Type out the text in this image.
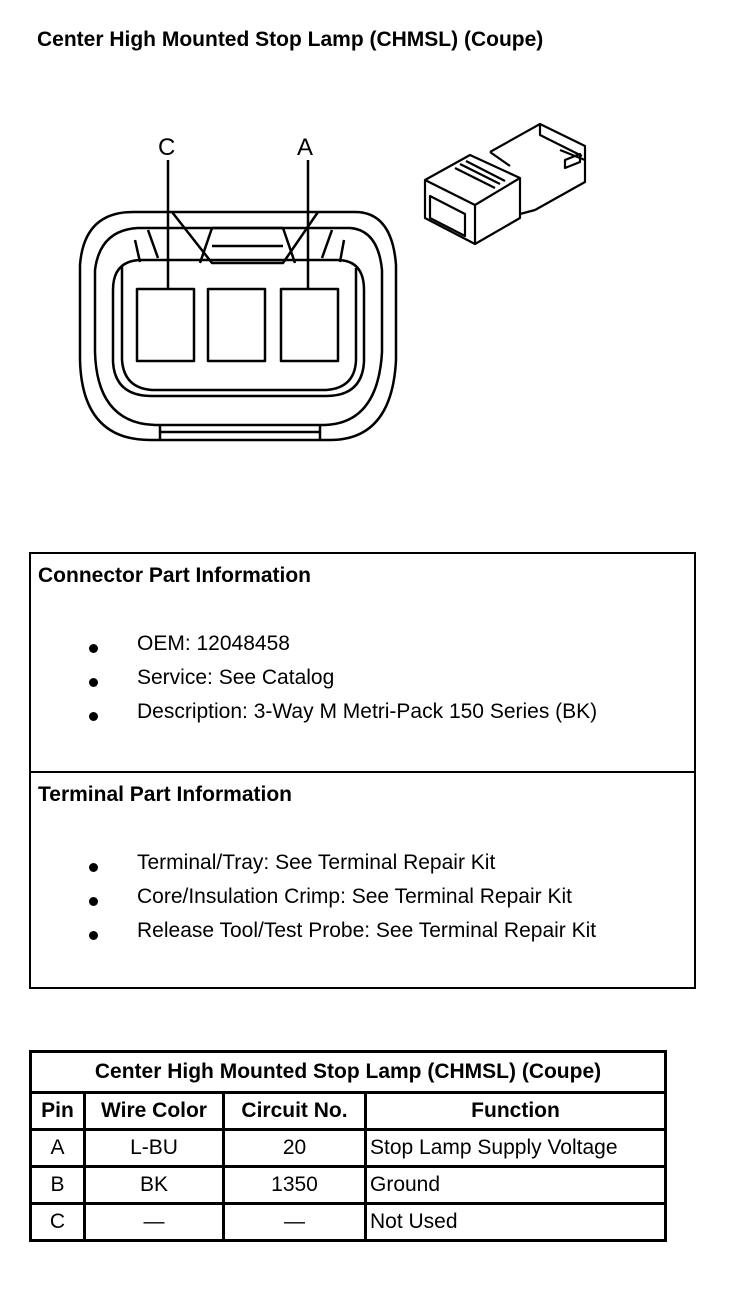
Center High Mounted Stop Lamp (CHMSL) (Coupe)
C	A
Connector Part Information
OEM: 12048458
Service: See Catalog
Description: 3-Way M Metri-Pack 150 Series (BK)
Terminal Part Information
Terminal/Tray: See Terminal Repair Kit
Core/Insulation Crimp: See Terminal Repair Kit
Release Tool/Test Probe: See Terminal Repair Kit
Center High Mounted Stop Lamp (CHMSL) (Coupe)			
Pin	Wire Color	Circuit No.	Function
A	L-BU	20	Stop Lamp Supply Voltage
B	BK	1350	Ground
C	—	—	Not Used
